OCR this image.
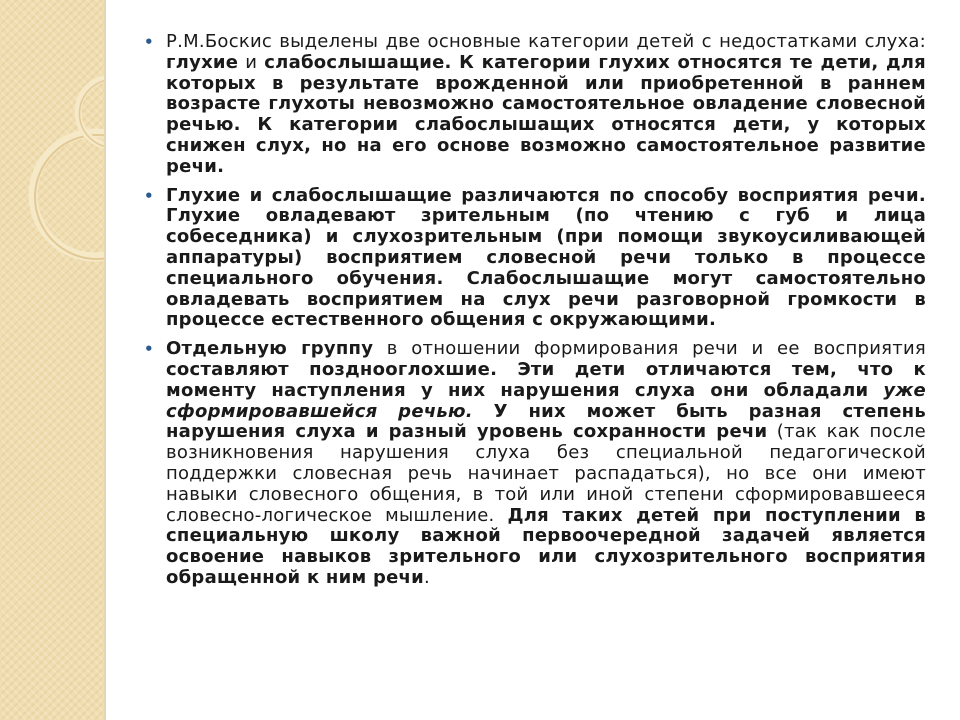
• Р.М.Боскис выделены две основные категории детей с недостатками слуха: глухие и слабослышащие. К категории глухих относятся те дети, для которых в результате врожденной или приобретенной в раннем возрасте глухоты невозможно самостоятельное овладение словесной речью. К категории слабослышащих относятся дети, у которых снижен слух, но на его основе возможно самостоятельное развитие речи.
• Глухие и слабослышащие различаются по способу восприятия речи. Глухие овладевают зрительным (по чтению с губ и лица собеседника) и слухозрительным (при помощи звукоусиливающей аппаратуры) восприятием словесной речи только в процессе специального обучения. Слабослышащие могут самостоятельно овладевать восприятием на слух речи разговорной громкости в процессе естественного общения с окружающими.
• Отдельную группу в отношении формирования речи и ее восприятия составляют позднооглохшие. Эти дети отличаются тем, что к моменту наступления у них нарушения слуха они обладали уже сформировавшейся речью. У них может быть разная степень нарушения слуха и разный уровень сохранности речи (так как после возникновения нарушения слуха без специальной педагогической поддержки словесная речь начинает распадаться), но все они имеют навыки словесного общения, в той или иной степени сформировавшееся словесно-логическое мышление. Для таких детей при поступлении в специальную школу важной первоочередной задачей является освоение навыков зрительного или слухозрительного восприятия обращенной к ним речи.
